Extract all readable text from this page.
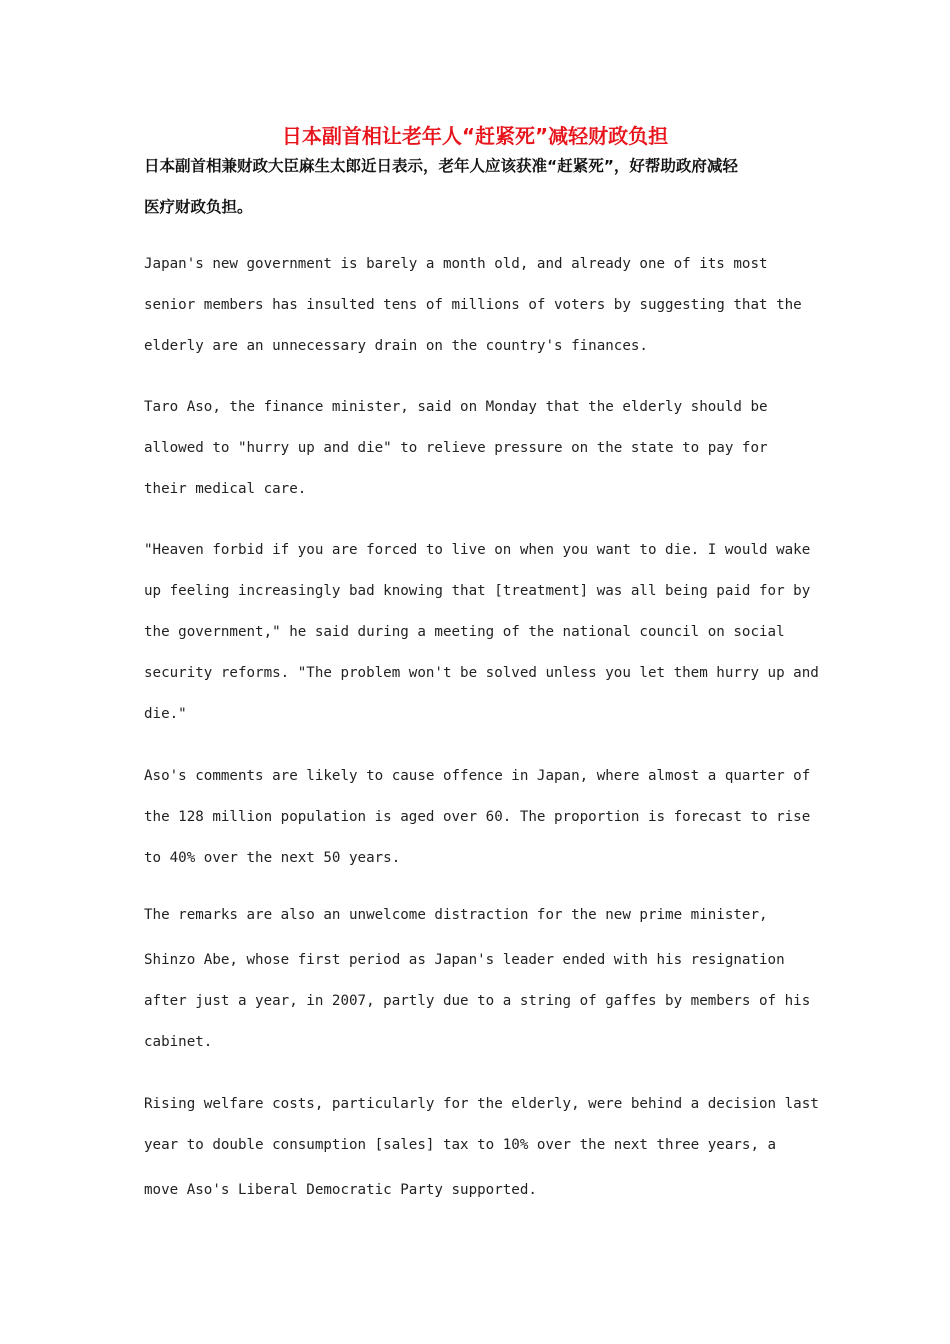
日本副首相让老年人“赶紧死”减轻财政负担
日本副首相兼财政大臣麻生太郎近日表示，老年人应该获准“赶紧死”，好帮助政府减轻
医疗财政负担。
Japan's new government is barely a month old, and already one of its most
senior members has insulted tens of millions of voters by suggesting that the
elderly are an unnecessary drain on the country's finances.
Taro Aso, the finance minister, said on Monday that the elderly should be
allowed to "hurry up and die" to relieve pressure on the state to pay for
their medical care.
"Heaven forbid if you are forced to live on when you want to die. I would wake
up feeling increasingly bad knowing that [treatment] was all being paid for by
the government," he said during a meeting of the national council on social
security reforms. "The problem won't be solved unless you let them hurry up and
die."
Aso's comments are likely to cause offence in Japan, where almost a quarter of
the 128 million population is aged over 60. The proportion is forecast to rise
to 40% over the next 50 years.
The remarks are also an unwelcome distraction for the new prime minister,
Shinzo Abe, whose first period as Japan's leader ended with his resignation
after just a year, in 2007, partly due to a string of gaffes by members of his
cabinet.
Rising welfare costs, particularly for the elderly, were behind a decision last
year to double consumption [sales] tax to 10% over the next three years, a
move Aso's Liberal Democratic Party supported.
